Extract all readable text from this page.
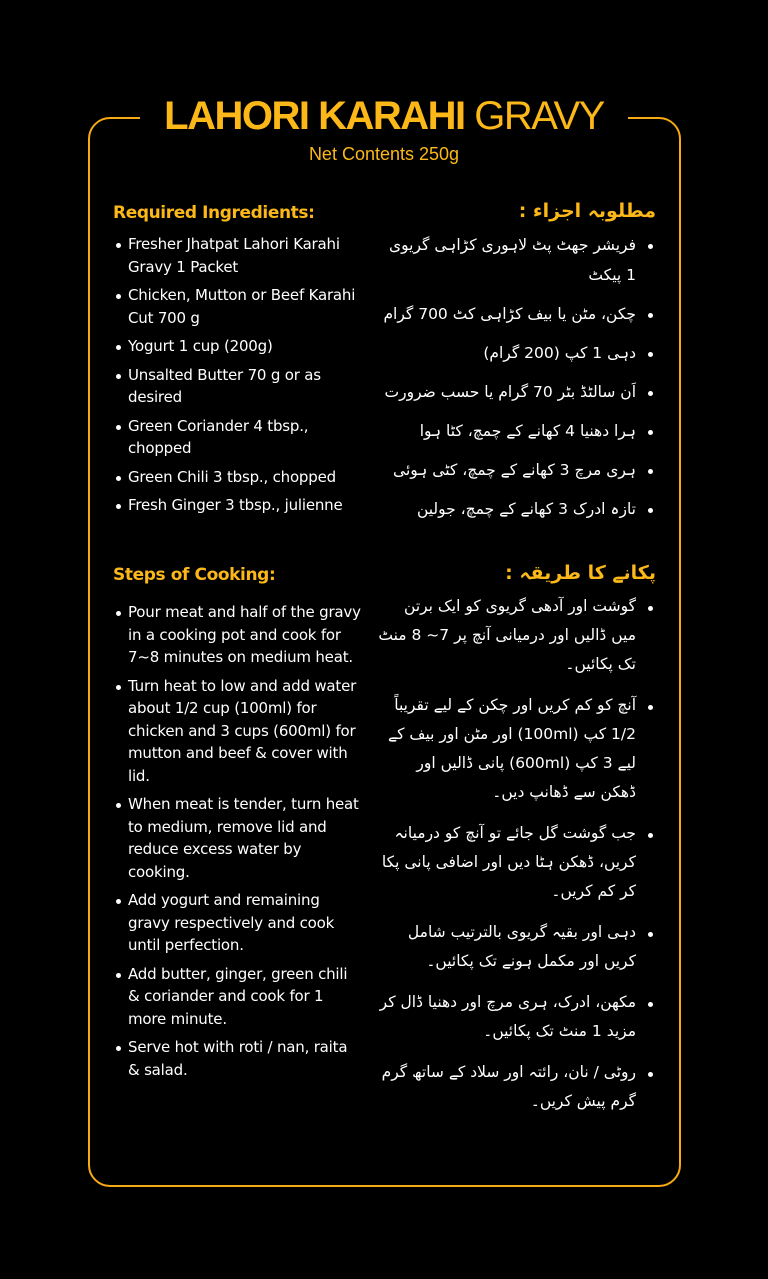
LAHORI KARAHI GRAVY
Net Contents 250g
Required Ingredients:
Fresher Jhatpat Lahori Karahi Gravy 1 Packet
Chicken, Mutton or Beef Karahi Cut 700 g
Yogurt 1 cup (200g)
Unsalted Butter 70 g or as desired
Green Coriander 4 tbsp., chopped
Green Chili 3 tbsp., chopped
Fresh Ginger 3 tbsp., julienne
مطلوبہ اجزاء :
فریشر جھٹ پٹ لاہوری کڑاہی گریوی 1 پیکٹ
چکن، مٹن یا بیف کڑاہی کٹ 700 گرام
دہی 1 کپ (200 گرام)
اَن سالٹڈ بٹر 70 گرام یا حسب ضرورت
ہرا دھنیا 4 کھانے کے چمچ، کٹا ہوا
ہری مرچ 3 کھانے کے چمچ، کٹی ہوئی
تازہ ادرک 3 کھانے کے چمچ، جولین
Steps of Cooking:
Pour meat and half of the gravy in a cooking pot and cook for 7~8 minutes on medium heat.
Turn heat to low and add water about 1/2 cup (100ml) for chicken and 3 cups (600ml) for mutton and beef & cover with lid.
When meat is tender, turn heat to medium, remove lid and reduce excess water by cooking.
Add yogurt and remaining gravy respectively and cook until perfection.
Add butter, ginger, green chili & coriander and cook for 1 more minute.
Serve hot with roti / nan, raita & salad.
پکانے کا طریقہ :
گوشت اور آدھی گریوی کو ایک برتن میں ڈالیں اور درمیانی آنچ پر 7~ 8 منٹ تک پکائیں۔
آنچ کو کم کریں اور چکن کے لیے تقریباً 1/2 کپ (100ml) اور مٹن اور بیف کے لیے 3 کپ (600ml) پانی ڈالیں اور ڈھکن سے ڈھانپ دیں۔
جب گوشت گل جائے تو آنچ کو درمیانہ کریں، ڈھکن ہٹا دیں اور اضافی پانی پکا کر کم کریں۔
دہی اور بقیہ گریوی بالترتیب شامل کریں اور مکمل ہونے تک پکائیں۔
مکھن، ادرک، ہری مرچ اور دھنیا ڈال کر مزید 1 منٹ تک پکائیں۔
روٹی / نان، رائتہ اور سلاد کے ساتھ گرم گرم پیش کریں۔
